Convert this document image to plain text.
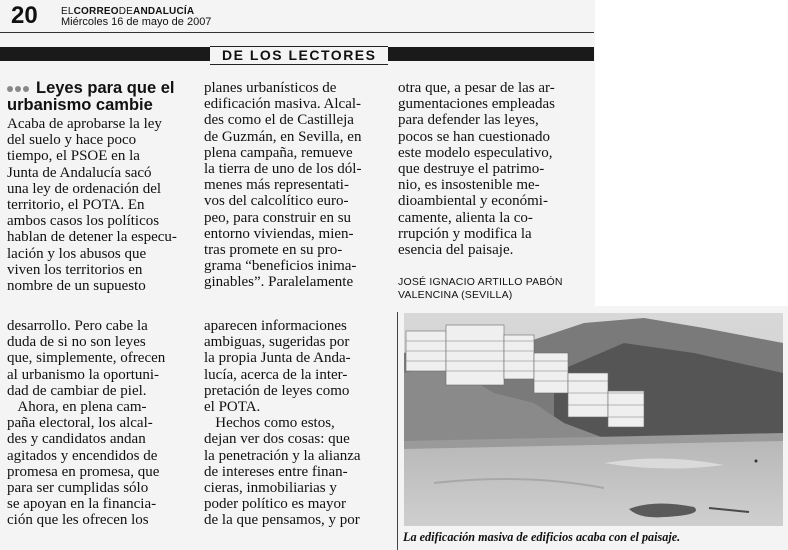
20 ELCORREODEANDALUCÍA
Miércoles 16 de mayo de 2007
DE LOS LECTORES
Leyes para que el
urbanismo cambie
Acaba de aprobarse la ley
del suelo y hace poco
tiempo, el PSOE en la
Junta de Andalucía sacó
una ley de ordenación del
territorio, el POTA. En
ambos casos los políticos
hablan de detener la especu-
lación y los abusos que
viven los territorios en
nombre de un supuesto
planes urbanísticos de
edificación masiva. Alcal-
des como el de Castilleja
de Guzmán, en Sevilla, en
plena campaña, remueve
la tierra de uno de los dól-
menes más representati-
vos del calcolítico euro-
peo, para construir en su
entorno viviendas, mien-
tras promete en su pro-
grama “beneficios inima-
ginables”. Paralelamente
otra que, a pesar de las ar-
gumentaciones empleadas
para defender las leyes,
pocos se han cuestionado
este modelo especulativo,
que destruye el patrimo-
nio, es insostenible me-
dioambiental y económi-
camente, alienta la co-
rrupción y modifica la
esencia del paisaje.
JOSÉ IGNACIO ARTILLO PABÓN
VALENCINA (SEVILLA)
desarrollo. Pero cabe la
duda de si no son leyes
que, simplemente, ofrecen
al urbanismo la oportuni-
dad de cambiar de piel.
Ahora, en plena cam-
paña electoral, los alcal-
des y candidatos andan
agitados y encendidos de
promesa en promesa, que
para ser cumplidas sólo
se apoyan en la financia-
ción que les ofrecen los
aparecen informaciones
ambiguas, sugeridas por
la propia Junta de Anda-
lucía, acerca de la inter-
pretación de leyes como
el POTA.
Hechos como estos,
dejan ver dos cosas: que
la penetración y la alianza
de intereses entre finan-
cieras, inmobiliarias y
poder político es mayor
de la que pensamos, y por
La edificación masiva de edificios acaba con el paisaje.
